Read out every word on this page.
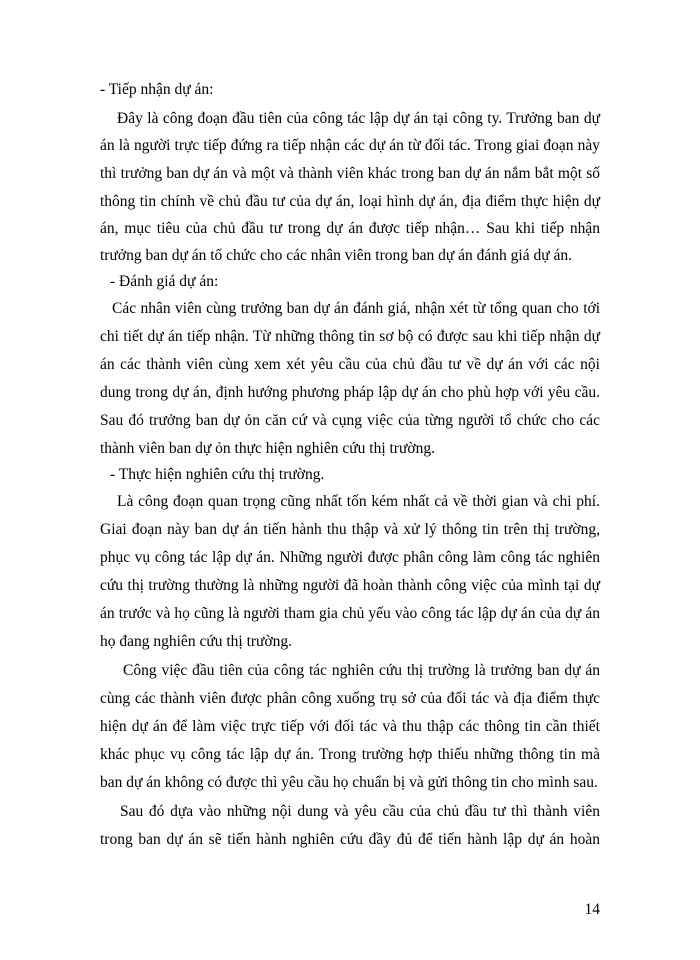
- Tiếp nhận dự án:
Đây là công đoạn đầu tiên của công tác lập dự án tại công ty. Trưởng ban dự
án là người trực tiếp đứng ra tiếp nhận các dự án từ đối tác. Trong giai đoạn này
thì trưởng ban dự án và một và thành viên khác trong ban dự án nắm bắt một số
thông tin chính về chủ đầu tư của dự án, loại hình dự án, địa điểm thực hiện dự
án, mục tiêu của chủ đầu tư trong dự án được tiếp nhận… Sau khi tiếp nhận
trưởng ban dự án tổ chức cho các nhân viên trong ban dự án đánh giá dự án.
- Đánh giá dự án:
Các nhân viên cùng trưởng ban dự án đánh giá, nhận xét từ tổng quan cho tới
chi tiết dự án tiếp nhận. Từ những thông tin sơ bộ có được sau khi tiếp nhận dự
án các thành viên cùng xem xét yêu cầu của chủ đầu tư về dự án với các nội
dung trong dự án, định hướng phương pháp lập dự án cho phù hợp với yêu cầu.
Sau đó trưởng ban dự ỏn căn cứ và cụng việc của từng người tổ chức cho các
thành viên ban dự ỏn thực hiện nghiên cứu thị trường.
- Thực hiện nghiên cứu thị trường.
Là công đoạn quan trọng cũng nhất tốn kém nhất cả về thời gian và chi phí.
Giai đoạn này ban dự án tiến hành thu thập và xử lý thông tin trên thị trường,
phục vụ công tác lập dự án. Những người được phân công làm công tác nghiên
cứu thị trường thường là những người đã hoàn thành công việc của mình tại dự
án trước và họ cũng là người tham gia chủ yếu vào công tác lập dự án của dự án
họ đang nghiên cứu thị trường.
Công việc đầu tiên của công tác nghiên cứu thị trường là trưởng ban dự án
cùng các thành viên được phân công xuống trụ sở của đối tác và địa điểm thực
hiện dự án để làm việc trực tiếp với đối tác và thu thập các thông tin cần thiết
khác phục vụ công tác lập dự án. Trong trường hợp thiếu những thông tin mà
ban dự án không có được thì yêu cầu họ chuẩn bị và gửi thông tin cho mình sau.
Sau đó dựa vào những nội dung và yêu cầu của chủ đầu tư thì thành viên
trong ban dự án sẽ tiến hành nghiên cứu đầy đủ để tiến hành lập dự án hoàn
14
